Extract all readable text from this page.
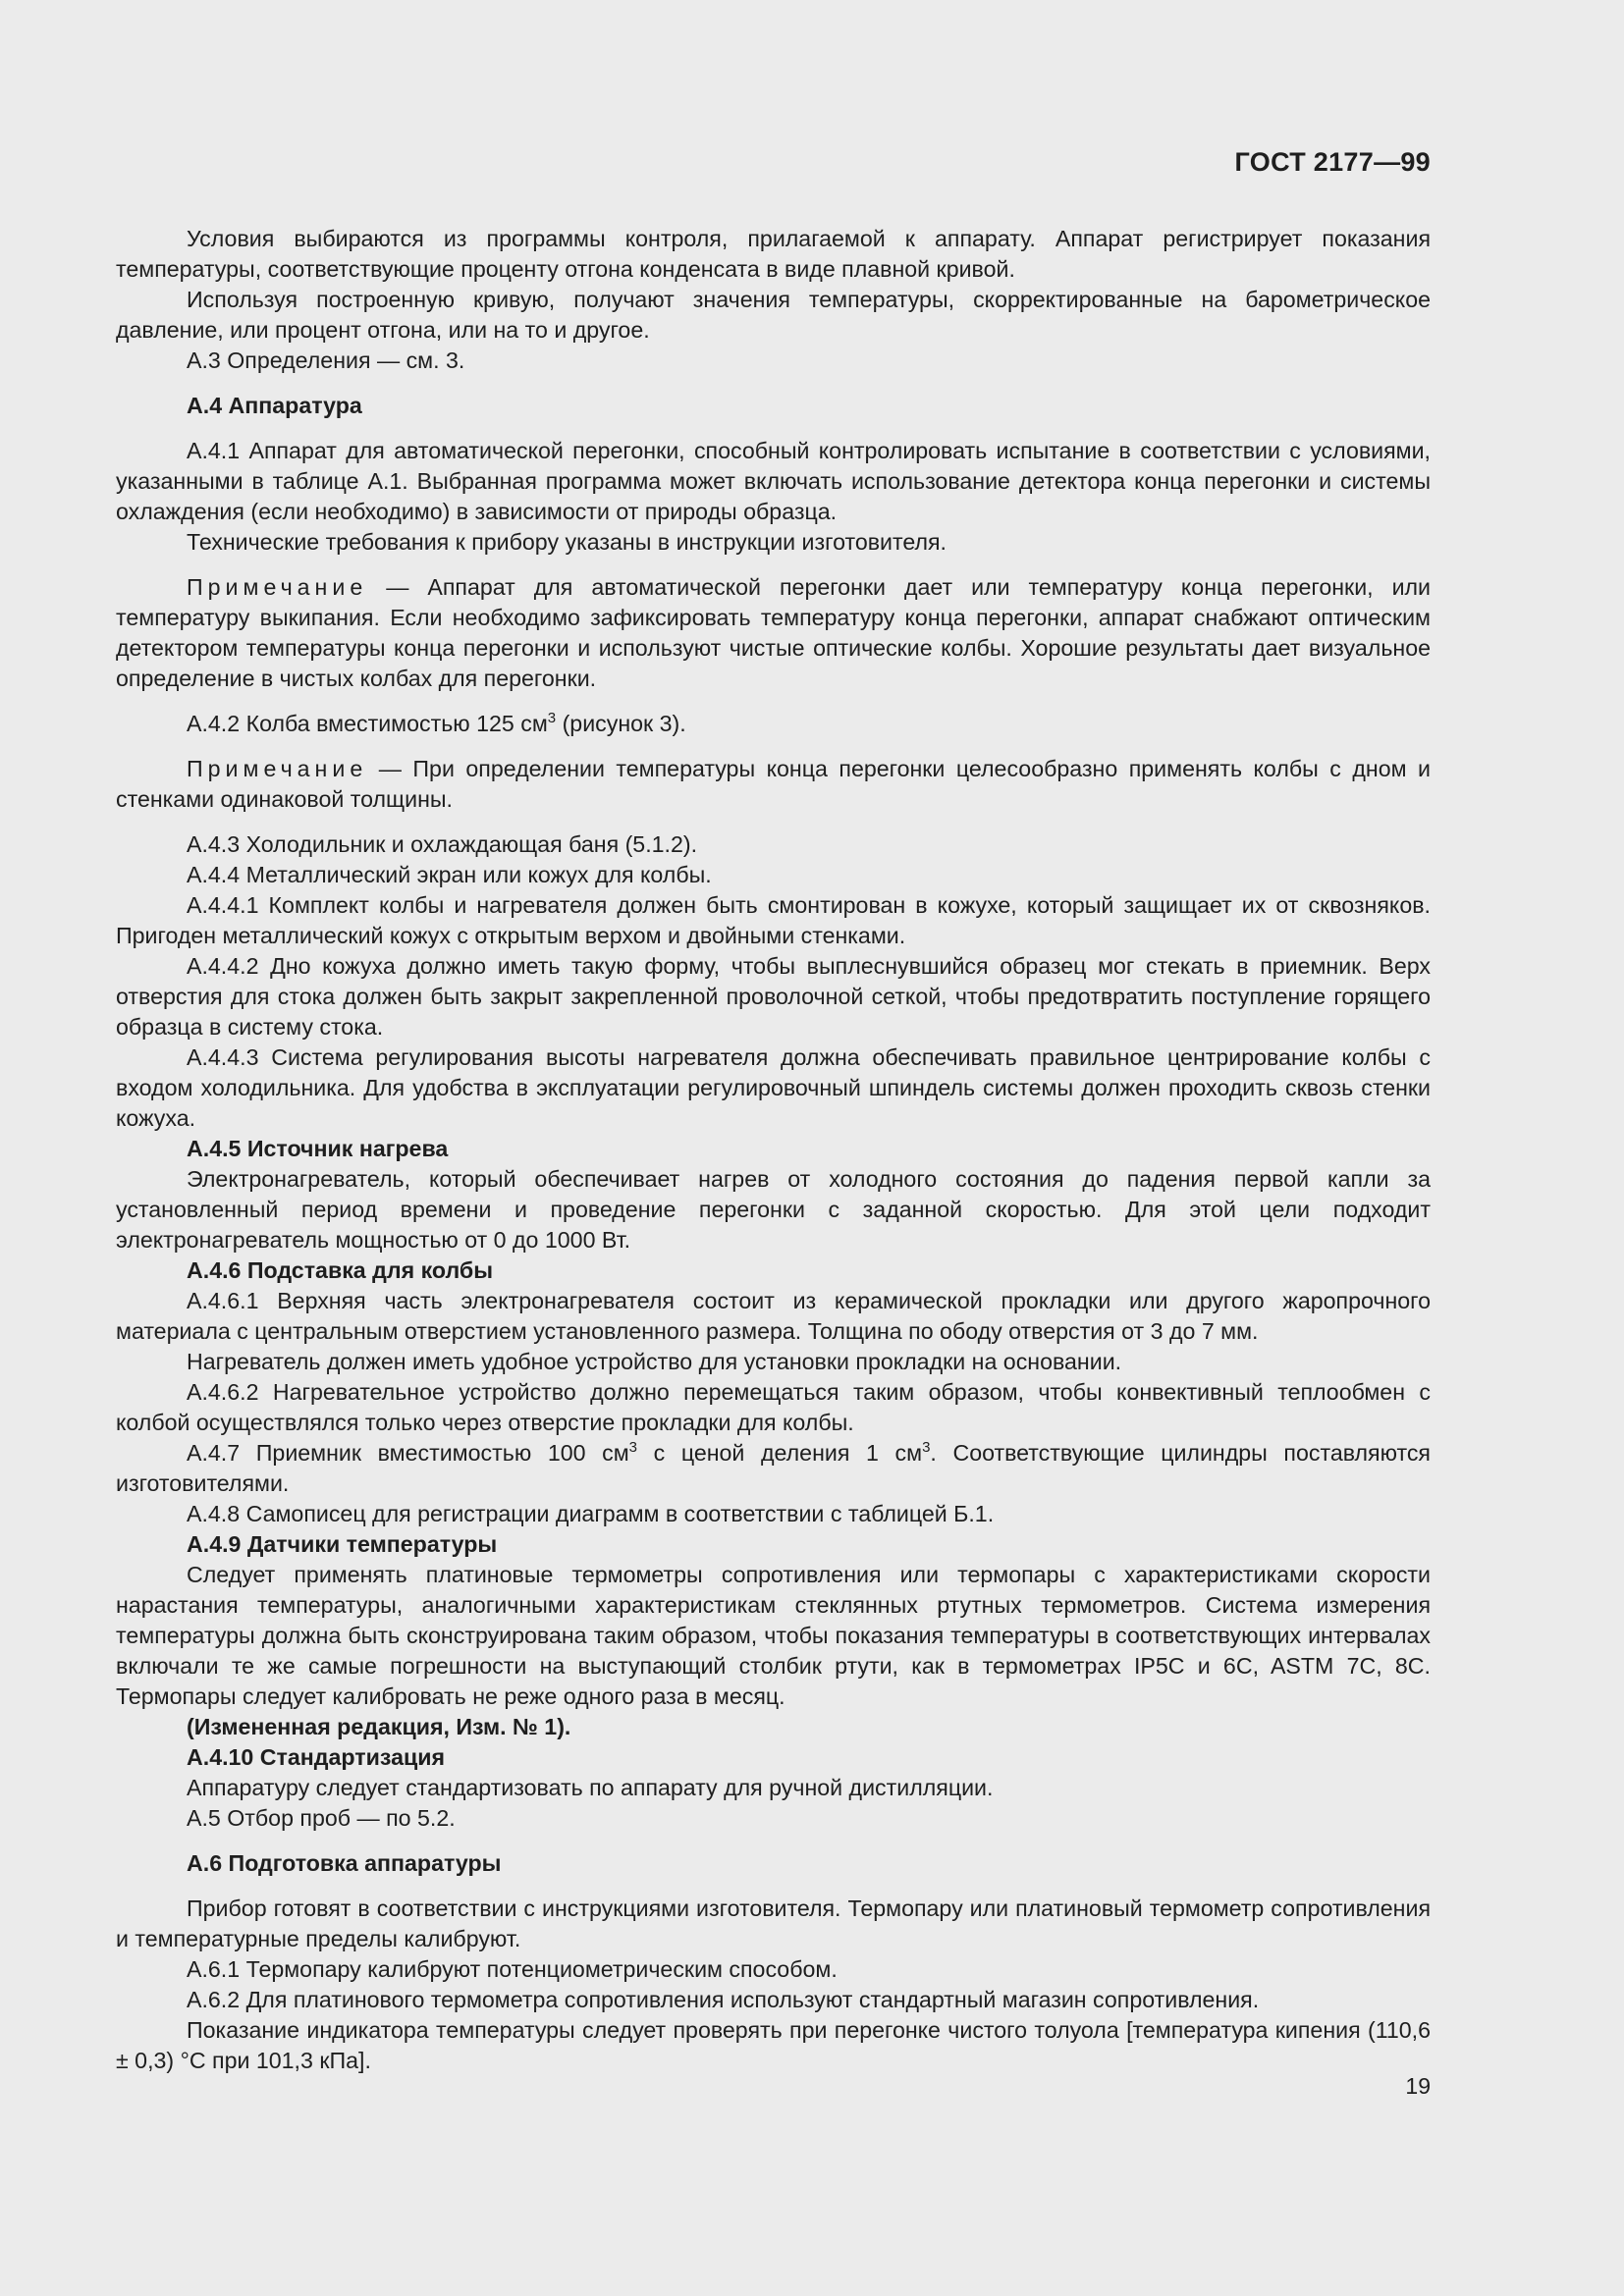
ГОСТ 2177—99

Условия выбираются из программы контроля, прилагаемой к аппарату. Аппарат регистрирует показания температуры, соответствующие проценту отгона конденсата в виде плавной кривой.

Используя построенную кривую, получают значения температуры, скорректированные на барометрическое давление, или процент отгона, или на то и другое.

А.3 Определения — см. 3.

А.4 Аппаратура

А.4.1 Аппарат для автоматической перегонки, способный контролировать испытание в соответствии с условиями, указанными в таблице А.1. Выбранная программа может включать использование детектора конца перегонки и системы охлаждения (если необходимо) в зависимости от природы образца.

Технические требования к прибору указаны в инструкции изготовителя.

Примечание — Аппарат для автоматической перегонки дает или температуру конца перегонки, или температуру выкипания. Если необходимо зафиксировать температуру конца перегонки, аппарат снабжают оптическим детектором температуры конца перегонки и используют чистые оптические колбы. Хорошие результаты дает визуальное определение в чистых колбах для перегонки.

А.4.2 Колба вместимостью 125 $см^3$ (рисунок 3).

Примечание — При определении температуры конца перегонки целесообразно применять колбы с дном и стенками одинаковой толщины.

А.4.3 Холодильник и охлаждающая баня (5.1.2).

А.4.4 Металлический экран или кожух для колбы.

А.4.4.1 Комплект колбы и нагревателя должен быть смонтирован в кожухе, который защищает их от сквозняков. Пригоден металлический кожух с открытым верхом и двойными стенками.

А.4.4.2 Дно кожуха должно иметь такую форму, чтобы выплеснувшийся образец мог стекать в приемник. Верх отверстия для стока должен быть закрыт закрепленной проволочной сеткой, чтобы предотвратить поступление горящего образца в систему стока.

А.4.4.3 Система регулирования высоты нагревателя должна обеспечивать правильное центрирование колбы с входом холодильника. Для удобства в эксплуатации регулировочный шпиндель системы должен проходить сквозь стенки кожуха.

А.4.5 Источник нагрева

Электронагреватель, который обеспечивает нагрев от холодного состояния до падения первой капли за установленный период времени и проведение перегонки с заданной скоростью. Для этой цели подходит электронагреватель мощностью от 0 до 1000 Вт.

А.4.6 Подставка для колбы

А.4.6.1 Верхняя часть электронагревателя состоит из керамической прокладки или другого жаропрочного материала с центральным отверстием установленного размера. Толщина по ободу отверстия от 3 до 7 мм.

Нагреватель должен иметь удобное устройство для установки прокладки на основании.

А.4.6.2 Нагревательное устройство должно перемещаться таким образом, чтобы конвективный теплообмен с колбой осуществлялся только через отверстие прокладки для колбы.

А.4.7 Приемник вместимостью 100 $см^3$ с ценой деления 1 $см^3$. Соответствующие цилиндры поставляются изготовителями.

А.4.8 Самописец для регистрации диаграмм в соответствии с таблицей Б.1.

А.4.9 Датчики температуры

Следует применять платиновые термометры сопротивления или термопары с характеристиками скорости нарастания температуры, аналогичными характеристикам стеклянных ртутных термометров. Система измерения температуры должна быть сконструирована таким образом, чтобы показания температуры в соответствующих интервалах включали те же самые погрешности на выступающий столбик ртути, как в термометрах IP5C и 6C, ASTM 7C, 8C. Термопары следует калибровать не реже одного раза в месяц.

(Измененная редакция, Изм. № 1).

А.4.10 Стандартизация

Аппаратуру следует стандартизовать по аппарату для ручной дистилляции.

А.5 Отбор проб — по 5.2.

А.6 Подготовка аппаратуры

Прибор готовят в соответствии с инструкциями изготовителя. Термопару или платиновый термометр сопротивления и температурные пределы калибруют.

А.6.1 Термопару калибруют потенциометрическим способом.

А.6.2 Для платинового термометра сопротивления используют стандартный магазин сопротивления.

Показание индикатора температуры следует проверять при перегонке чистого толуола [температура кипения (110,6 ± 0,3) °С при 101,3 кПа].

19
